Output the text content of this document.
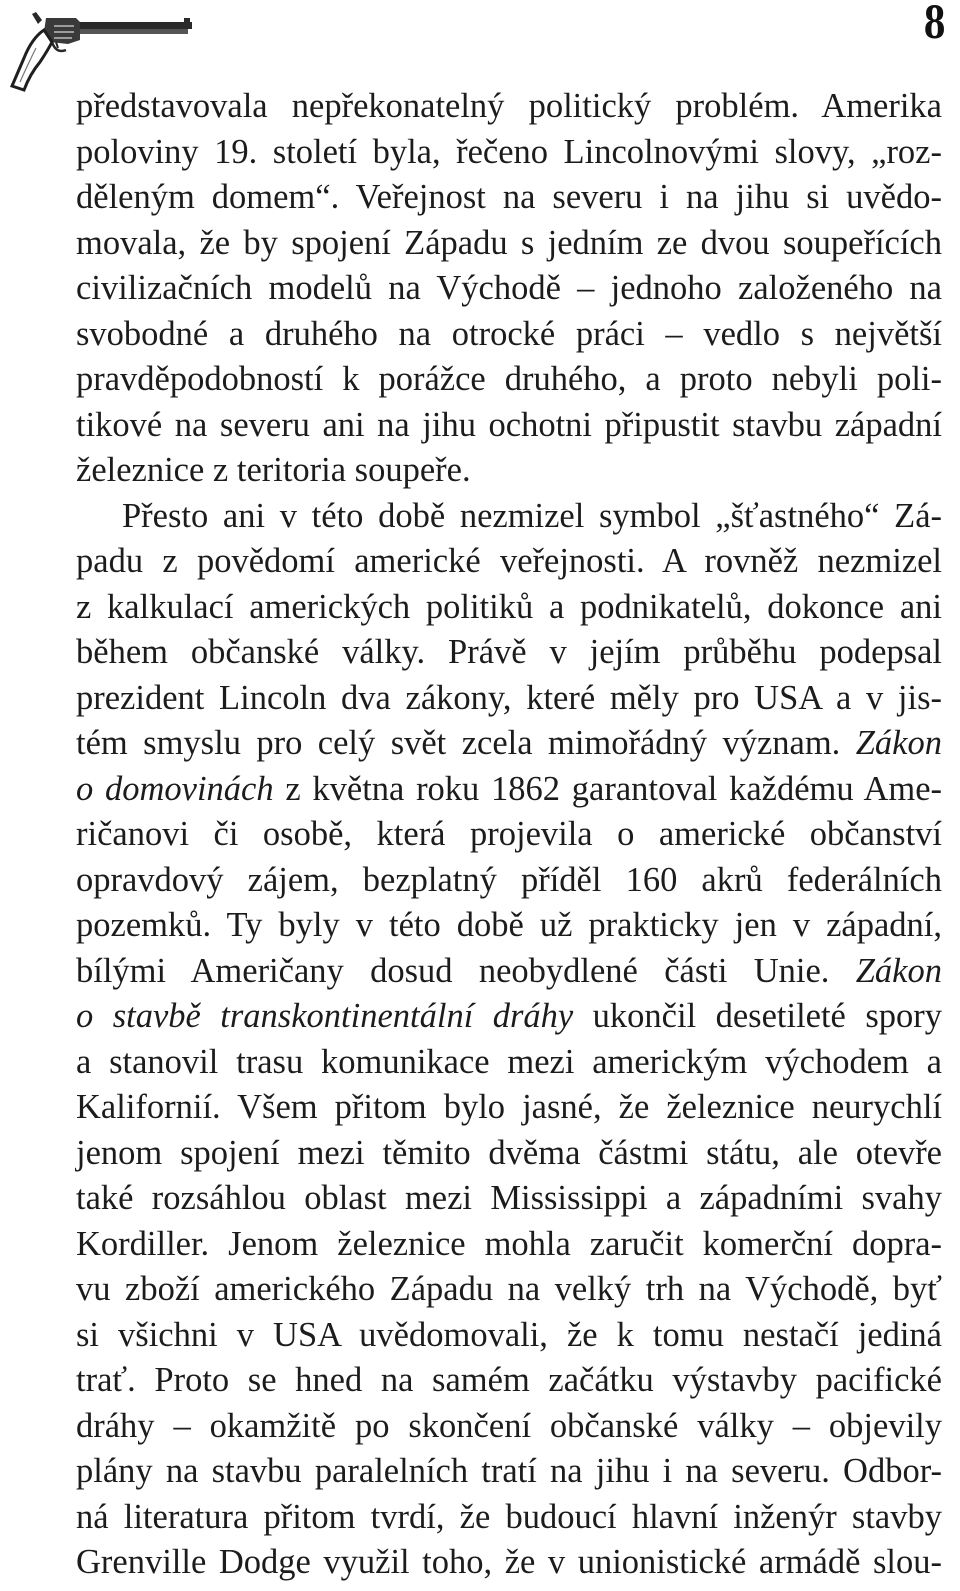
8
představovala nepřekonatelný politický problém. Amerika
poloviny 19. století byla, řečeno Lincolnovými slovy, „roz-
děleným domem“. Veřejnost na severu i na jihu si uvědo-
movala, že by spojení Západu s jedním ze dvou soupeřících
civilizačních modelů na Východě – jednoho založeného na
svobodné a druhého na otrocké práci – vedlo s největší
pravděpodobností k porážce druhého, a proto nebyli poli-
tikové na severu ani na jihu ochotni připustit stavbu západní
železnice z teritoria soupeře.
Přesto ani v této době nezmizel symbol „šťastného“ Zá-
padu z povědomí americké veřejnosti. A rovněž nezmizel
z kalkulací amerických politiků a podnikatelů, dokonce ani
během občanské války. Právě v jejím průběhu podepsal
prezident Lincoln dva zákony, které měly pro USA a v jis-
tém smyslu pro celý svět zcela mimořádný význam. Zákon
o domovinách z května roku 1862 garantoval každému Ame-
ričanovi či osobě, která projevila o americké občanství
opravdový zájem, bezplatný příděl 160 akrů federálních
pozemků. Ty byly v této době už prakticky jen v západní,
bílými Američany dosud neobydlené části Unie. Zákon
o stavbě transkontinentální dráhy ukončil desetileté spory
a stanovil trasu komunikace mezi americkým východem a
Kalifornií. Všem přitom bylo jasné, že železnice neurychlí
jenom spojení mezi těmito dvěma částmi státu, ale otevře
také rozsáhlou oblast mezi Mississippi a západními svahy
Kordiller. Jenom železnice mohla zaručit komerční dopra-
vu zboží amerického Západu na velký trh na Východě, byť
si všichni v USA uvědomovali, že k tomu nestačí jediná
trať. Proto se hned na samém začátku výstavby pacifické
dráhy – okamžitě po skončení občanské války – objevily
plány na stavbu paralelních tratí na jihu i na severu. Odbor-
ná literatura přitom tvrdí, že budoucí hlavní inženýr stavby
Grenville Dodge využil toho, že v unionistické armádě slou-
